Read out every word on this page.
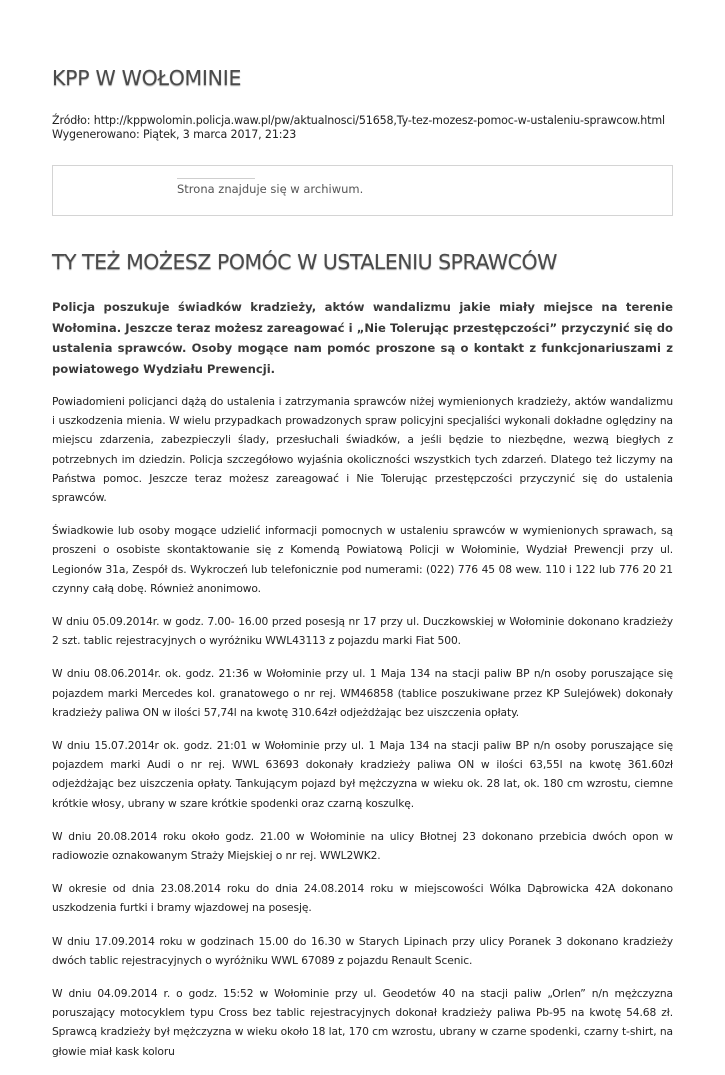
KPP W WOŁOMINIE
Źródło: http://kppwolomin.policja.waw.pl/pw/aktualnosci/51658,Ty-tez-mozesz-pomoc-w-ustaleniu-sprawcow.html
Wygenerowano: Piątek, 3 marca 2017, 21:23
Strona znajduje się w archiwum.
TY TEŻ MOŻESZ POMÓC W USTALENIU SPRAWCÓW

Policja poszukuje świadków kradzieży, aktów wandalizmu jakie miały miejsce na terenie Wołomina. Jeszcze teraz możesz zareagować i „Nie Tolerując przestępczości” przyczynić się do ustalenia sprawców. Osoby mogące nam pomóc proszone są o kontakt z funkcjonariuszami z powiatowego Wydziału Prewencji.

Powiadomieni policjanci dążą do ustalenia i zatrzymania sprawców niżej wymienionych kradzieży, aktów wandalizmu i uszkodzenia mienia. W wielu przypadkach prowadzonych spraw policyjni specjaliści wykonali dokładne oględziny na miejscu zdarzenia, zabezpieczyli ślady, przesłuchali świadków, a jeśli będzie to niezbędne, wezwą biegłych z potrzebnych im dziedzin. Policja szczegółowo wyjaśnia okoliczności wszystkich tych zdarzeń. Dlatego też liczymy na Państwa pomoc. Jeszcze teraz możesz zareagować i Nie Tolerując przestępczości przyczynić się do ustalenia sprawców.

Świadkowie lub osoby mogące udzielić informacji pomocnych w ustaleniu sprawców w wymienionych sprawach, są proszeni o osobiste skontaktowanie się z Komendą Powiatową Policji w Wołominie, Wydział Prewencji przy ul. Legionów 31a, Zespół ds. Wykroczeń lub telefonicznie pod numerami: (022) 776 45 08 wew. 110 i 122 lub 776 20 21 czynny całą dobę. Również anonimowo.

W dniu 05.09.2014r. w godz. 7.00- 16.00 przed posesją nr 17 przy ul. Duczkowskiej w Wołominie dokonano kradzieży 2 szt. tablic rejestracyjnych o wyróżniku WWL43113 z pojazdu marki Fiat 500.

W dniu 08.06.2014r. ok. godz. 21:36 w Wołominie przy ul. 1 Maja 134 na stacji paliw BP n/n osoby poruszające się pojazdem marki Mercedes kol. granatowego o nr rej. WM46858 (tablice poszukiwane przez KP Sulejówek) dokonały kradzieży paliwa ON w ilości 57,74l na kwotę 310.64zł odjeżdżając bez uiszczenia opłaty.

W dniu 15.07.2014r ok. godz. 21:01 w Wołominie przy ul. 1 Maja 134 na stacji paliw BP n/n osoby poruszające się pojazdem marki Audi o nr rej. WWL 63693 dokonały kradzieży paliwa ON w ilości 63,55l na kwotę 361.60zł odjeżdżając bez uiszczenia opłaty. Tankującym pojazd był mężczyzna w wieku ok. 28 lat, ok. 180 cm wzrostu, ciemne krótkie włosy, ubrany w szare krótkie spodenki oraz czarną koszulkę.

W dniu 20.08.2014 roku około godz. 21.00 w Wołominie na ulicy Błotnej 23 dokonano przebicia dwóch opon w radiowozie oznakowanym Straży Miejskiej o nr rej. WWL2WK2.

W okresie od dnia 23.08.2014 roku do dnia 24.08.2014 roku w miejscowości Wólka Dąbrowicka 42A dokonano uszkodzenia furtki i bramy wjazdowej na posesję.

W dniu 17.09.2014 roku w godzinach 15.00 do 16.30 w Starych Lipinach przy ulicy Poranek 3 dokonano kradzieży dwóch tablic rejestracyjnych o wyróżniku WWL 67089 z pojazdu Renault Scenic.

W dniu 04.09.2014 r. o godz. 15:52 w Wołominie przy ul. Geodetów 40 na stacji paliw „Orlen” n/n mężczyzna poruszający motocyklem typu Cross bez tablic rejestracyjnych dokonał kradzieży paliwa Pb-95 na kwotę 54.68 zł. Sprawcą kradzieży był mężczyzna w wieku około 18 lat, 170 cm wzrostu, ubrany w czarne spodenki, czarny t-shirt, na głowie miał kask koloru
